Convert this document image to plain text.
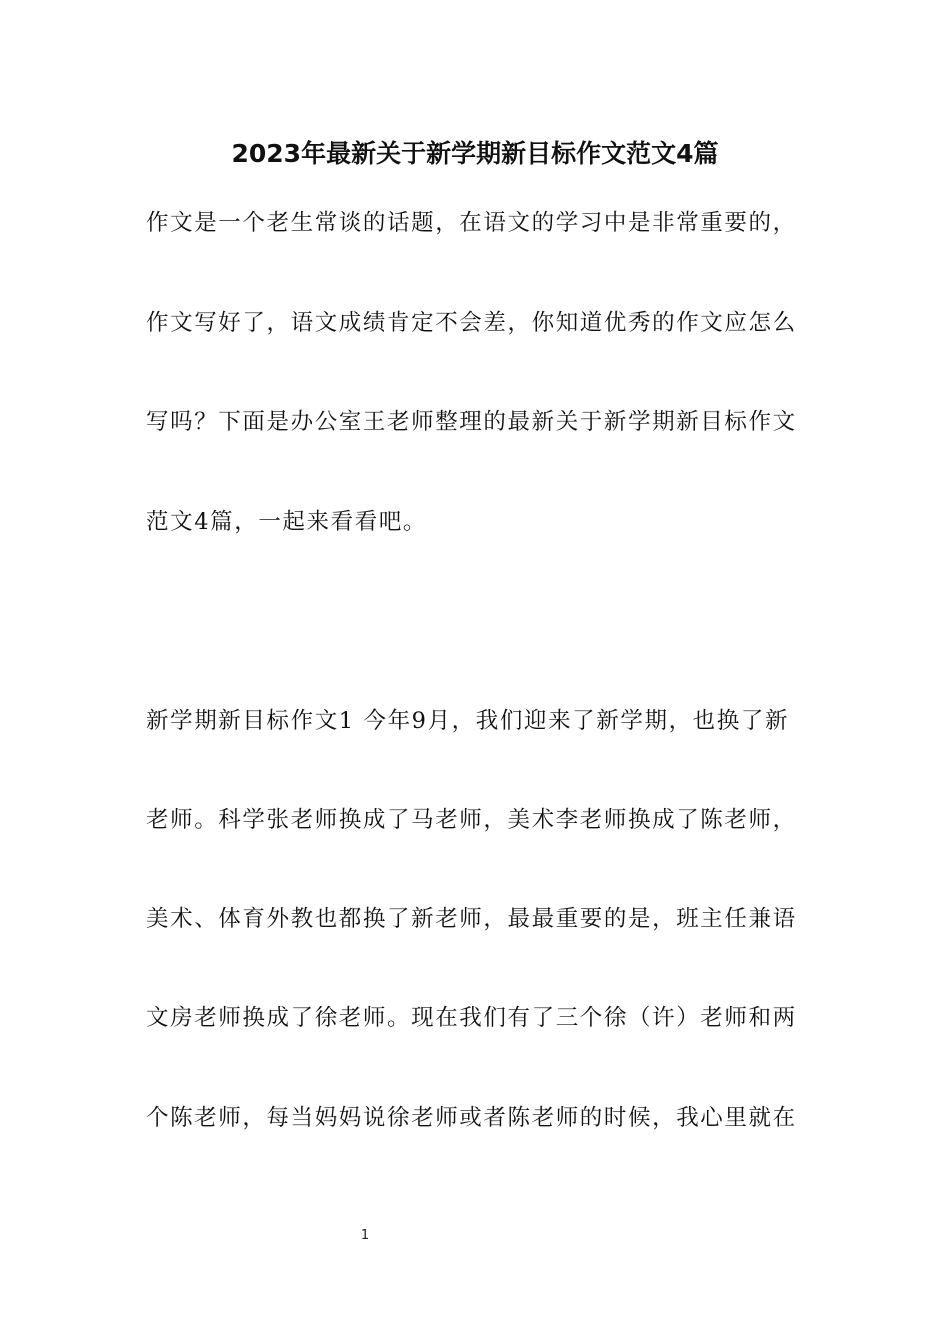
2023年最新关于新学期新目标作文范文4篇
作文是一个老生常谈的话题，在语文的学习中是非常重要的，
作文写好了，语文成绩肯定不会差，你知道优秀的作文应怎么
写吗？下面是办公室王老师整理的最新关于新学期新目标作文
范文4篇，一起来看看吧。
新学期新目标作文1 今年9月，我们迎来了新学期，也换了新
老师。科学张老师换成了马老师，美术李老师换成了陈老师，
美术、体育外教也都换了新老师，最最重要的是，班主任兼语
文房老师换成了徐老师。现在我们有了三个徐（许）老师和两
个陈老师，每当妈妈说徐老师或者陈老师的时候，我心里就在
1
